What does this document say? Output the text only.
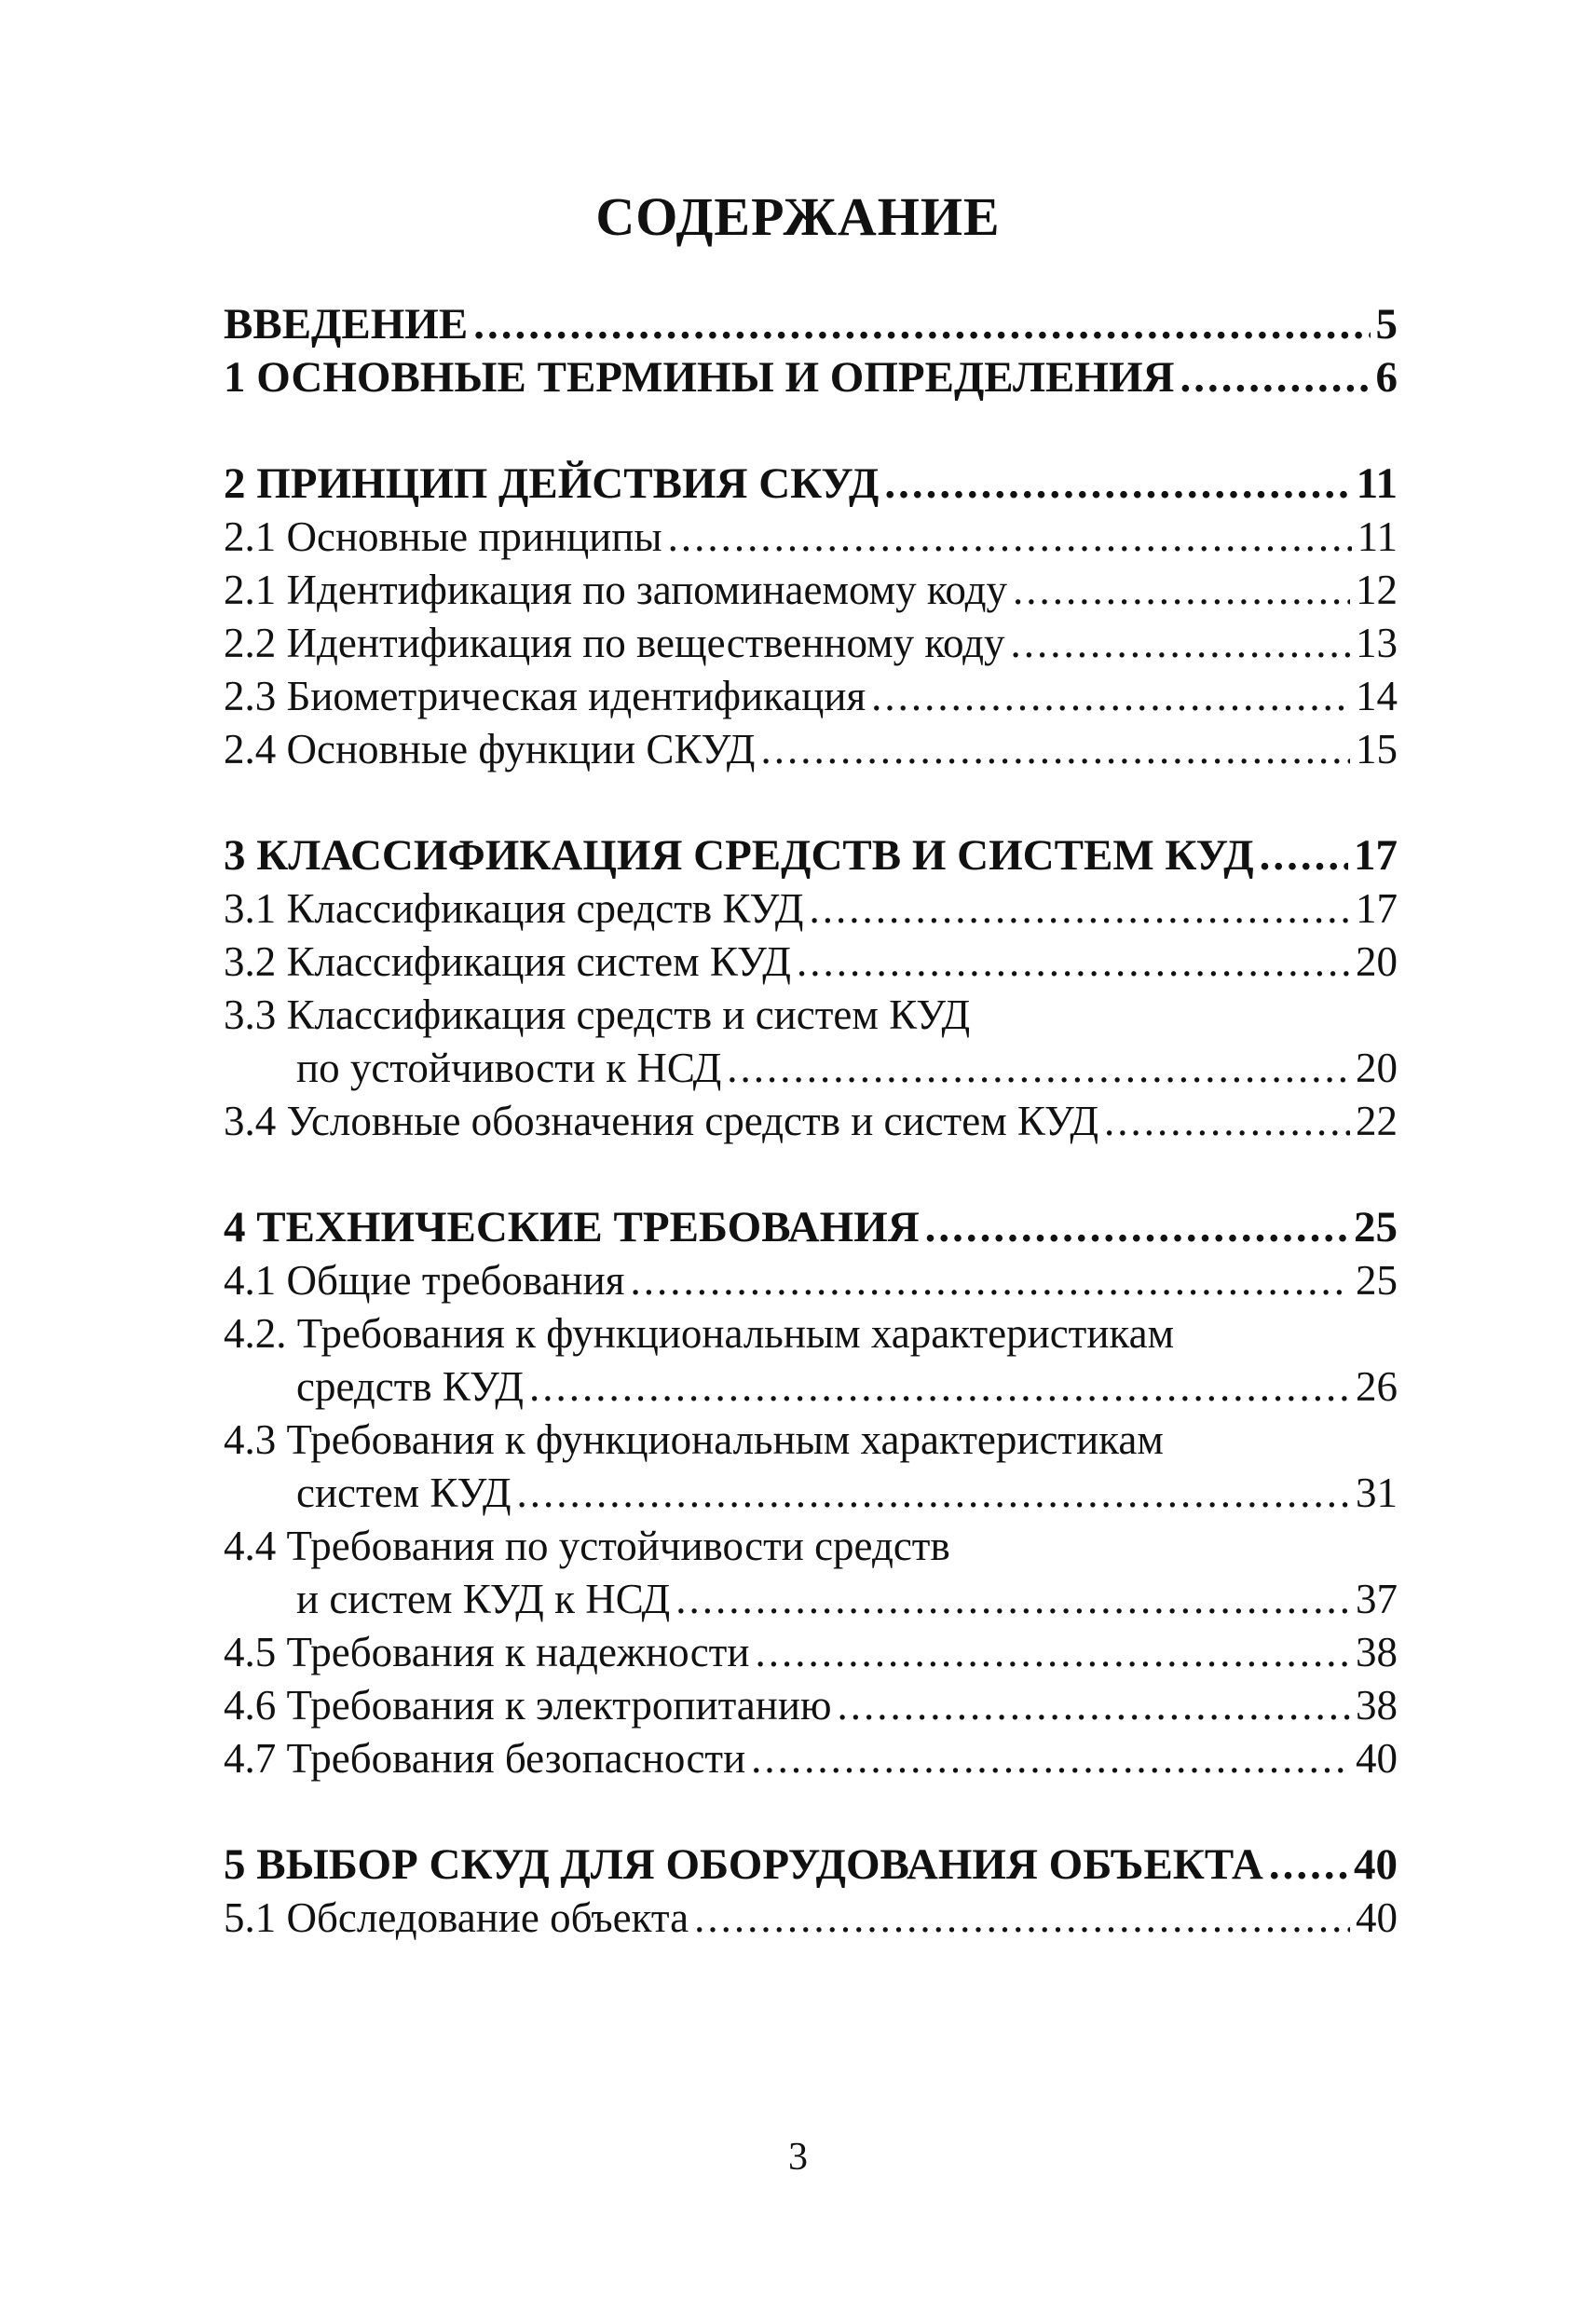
СОДЕРЖАНИЕ
ВВЕДЕНИЕ .....	5
1 ОСНОВНЫЕ ТЕРМИНЫ И ОПРЕДЕЛЕНИЯ .....	6
2 ПРИНЦИП ДЕЙСТВИЯ СКУД .....	11
2.1 Основные принципы .....	11
2.1 Идентификация по запоминаемому коду .....	12
2.2 Идентификация по вещественному коду .....	13
2.3 Биометрическая идентификация .....	14
2.4 Основные функции СКУД .....	15
3 КЛАССИФИКАЦИЯ СРЕДСТВ И СИСТЕМ КУД ..... 17
3.1 Классификация средств КУД .....	17
3.2 Классификация систем КУД .....	20
3.3 Классификация средств и систем КУД
по устойчивости к НСД .....	20
3.4 Условные обозначения средств и систем КУД .....	22
4 ТЕХНИЧЕСКИЕ ТРЕБОВАНИЯ .....	25
4.1 Общие требования .....	25
4.2. Требования к функциональным характеристикам
средств КУД .....	26
4.3 Требования к функциональным характеристикам
систем КУД .....	31
4.4 Требования по устойчивости средств
и систем КУД к НСД .....	37
4.5 Требования к надежности .....	38
4.6 Требования к электропитанию .....	38
4.7 Требования безопасности .....	40
5 ВЫБОР СКУД ДЛЯ ОБОРУДОВАНИЯ ОБЪЕКТА ..... 40
5.1 Обследование объекта .....	40
3
